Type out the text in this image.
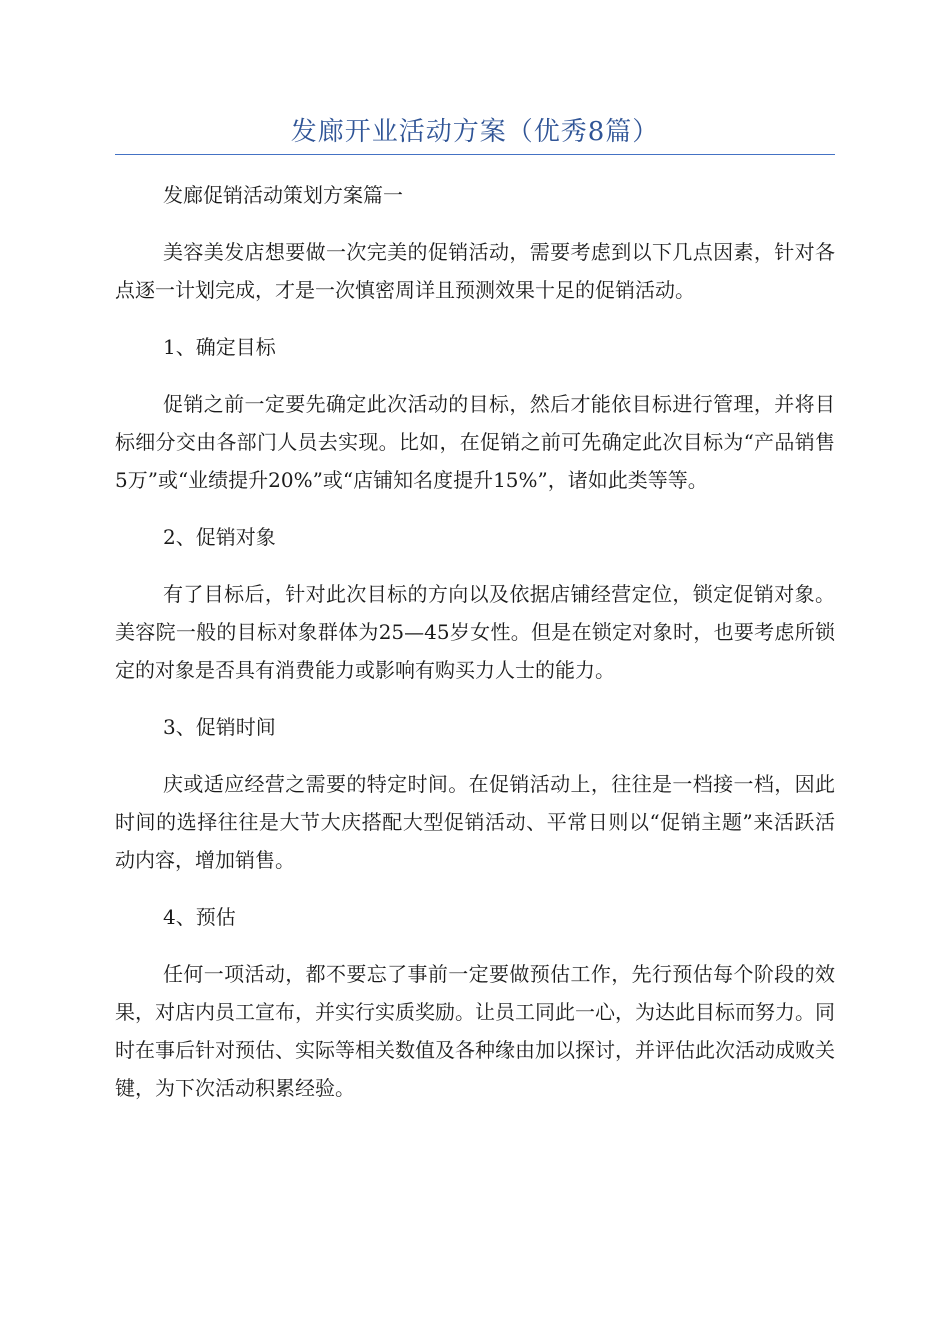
发廊开业活动方案（优秀8篇）

发廊促销活动策划方案篇一

美容美发店想要做一次完美的促销活动，需要考虑到以下几点因素，针对各点逐一计划完成，才是一次慎密周详且预测效果十足的促销活动。

1、确定目标

促销之前一定要先确定此次活动的目标，然后才能依目标进行管理，并将目标细分交由各部门人员去实现。比如，在促销之前可先确定此次目标为“产品销售5万”或“业绩提升20%”或“店铺知名度提升15%”，诸如此类等等。

2、促销对象

有了目标后，针对此次目标的方向以及依据店铺经营定位，锁定促销对象。美容院一般的目标对象群体为25—45岁女性。但是在锁定对象时，也要考虑所锁定的对象是否具有消费能力或影响有购买力人士的能力。

3、促销时间

庆或适应经营之需要的特定时间。在促销活动上，往往是一档接一档，因此时间的选择往往是大节大庆搭配大型促销活动、平常日则以“促销主题”来活跃活动内容，增加销售。

4、预估

任何一项活动，都不要忘了事前一定要做预估工作，先行预估每个阶段的效果，对店内员工宣布，并实行实质奖励。让员工同此一心，为达此目标而努力。同时在事后针对预估、实际等相关数值及各种缘由加以探讨，并评估此次活动成败关键，为下次活动积累经验。
